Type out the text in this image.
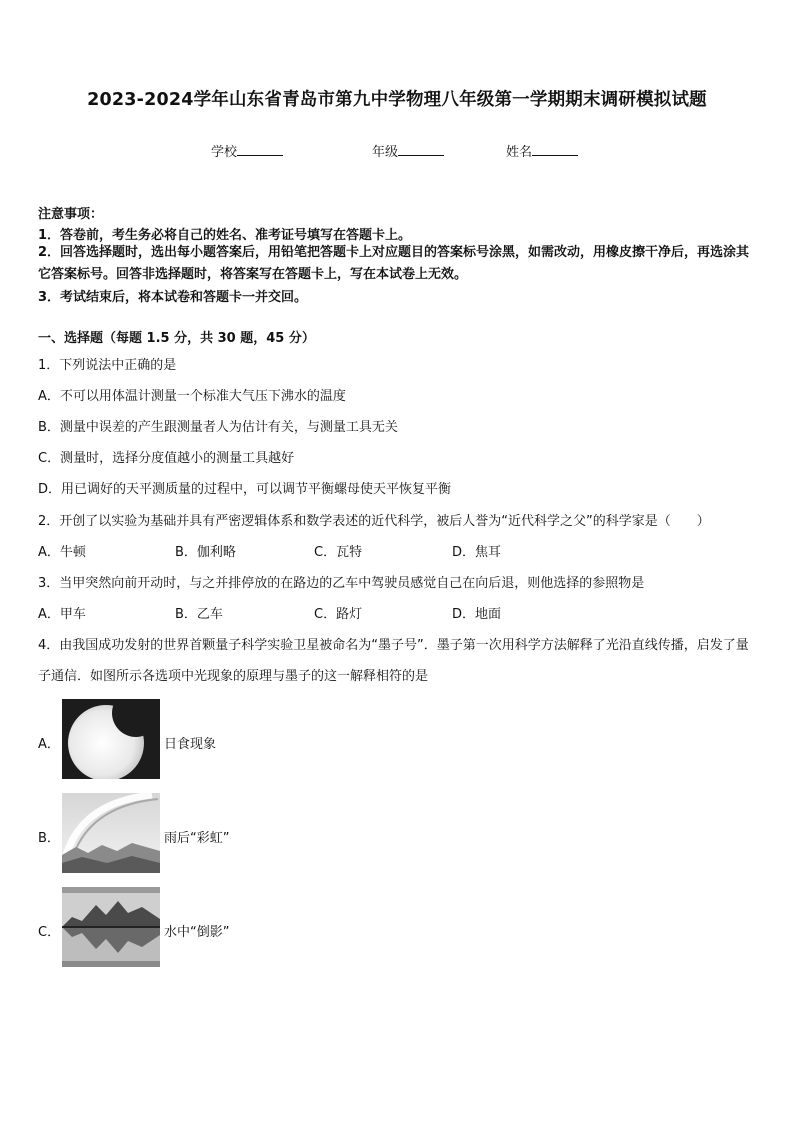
2023-2024学年山东省青岛市第九中学物理八年级第一学期期末调研模拟试题
学校	年级	姓名
注意事项：
1．答卷前，考生务必将自己的姓名、准考证号填写在答题卡上。
2．回答选择题时，选出每小题答案后，用铅笔把答题卡上对应题目的答案标号涂黑，如需改动，用橡皮擦干净后，再选涂其它答案标号。回答非选择题时，将答案写在答题卡上，写在本试卷上无效。
3．考试结束后，将本试卷和答题卡一并交回。
一、选择题（每题 1.5 分，共 30 题，45 分）
1．下列说法中正确的是
A．不可以用体温计测量一个标准大气压下沸水的温度
B．测量中误差的产生跟测量者人为估计有关，与测量工具无关
C．测量时，选择分度值越小的测量工具越好
D．用已调好的天平测质量的过程中，可以调节平衡螺母使天平恢复平衡
2．开创了以实验为基础并具有严密逻辑体系和数学表述的近代科学，被后人誉为“近代科学之父”的科学家是（　　）
A．牛顿	B．伽利略	C．瓦特	D．焦耳
3．当甲突然向前开动时，与之并排停放的在路边的乙车中驾驶员感觉自己在向后退，则他选择的参照物是
A．甲车	B．乙车	C．路灯	D．地面
4．由我国成功发射的世界首颗量子科学实验卫星被命名为“墨子号”．墨子第一次用科学方法解释了光沿直线传播，启发了量子通信．如图所示各选项中光现象的原理与墨子的这一解释相符的是
A．	日食现象
B．	雨后“彩虹”
C．	水中“倒影”
